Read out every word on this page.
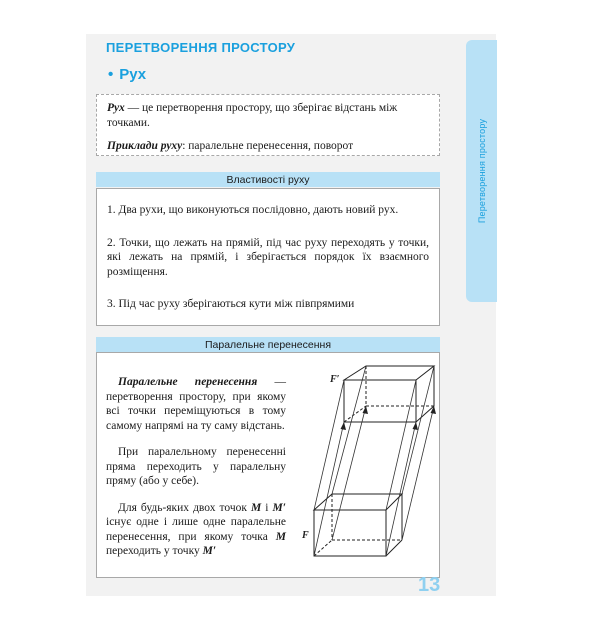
Перетворення простору
ПЕРЕТВОРЕННЯ ПРОСТОРУ
• Рух

Рух — це перетворення простору, що зберігає відстань між точками.

Приклади руху: паралельне перенесення, поворот

Властивості руху
1. Два рухи, що виконуються послідовно, дають новий рух.
2. Точки, що лежать на прямій, під час руху переходять у точки, які лежать на прямій, і зберігається порядок їх взаємного розміщення.
3. Під час руху зберігаються кути між півпрямими
Паралельне перенесення

Паралельне перенесення — перетворення простору, при якому всі точки переміщуються в тому самому напрямі на ту саму відстань.

При паралельному перенесенні пряма переходить у паралельну пряму (або у себе).

Для будь-яких двох точок M і M′ існує одне і лише одне паралельне перенесення, при якому точка M переходить у точку M′

F′
F
13
